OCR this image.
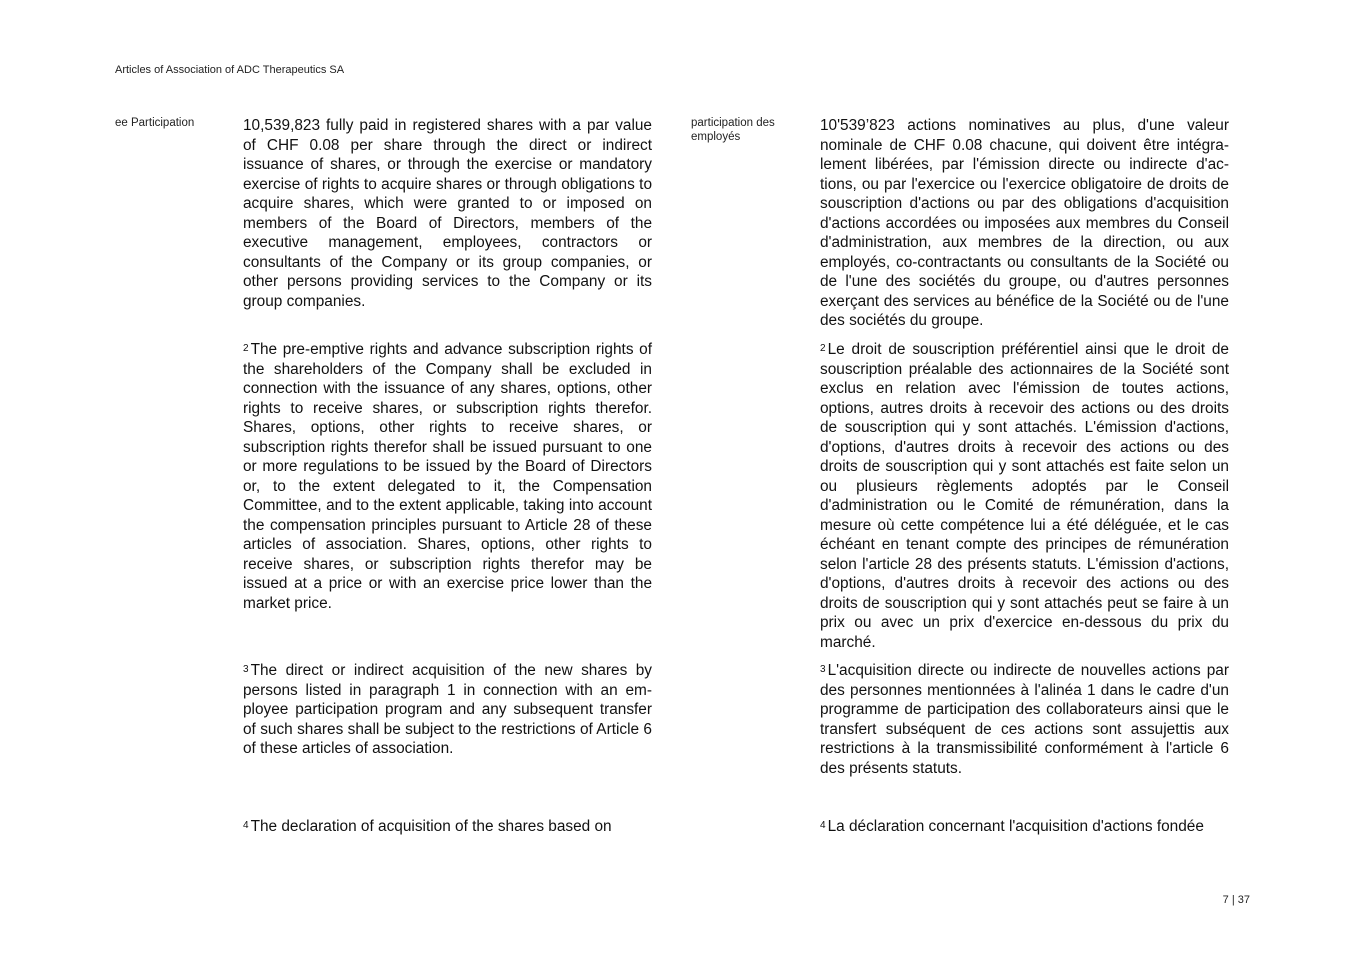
Articles of Association of ADC Therapeutics SA
ee Participation	participation des employés

10,539,823 fully paid in registered shares with a par value of CHF 0.08 per share through the direct or indirect issuance of shares, or through the exercise or mandatory exercise of rights to acquire shares or through obligations to acquire shares, which were granted to or imposed on members of the Board of Directors, members of the executive management, employees, contractors or consultants of the Company or its group companies, or other persons providing services to the Company or its group companies.

$^2$ The pre-emptive rights and advance subscription rights of the shareholders of the Company shall be excluded in connection with the issuance of any shares, options, other rights to receive shares, or subscription rights therefor. Shares, options, other rights to receive shares, or subscription rights therefor shall be issued pursuant to one or more regulations to be issued by the Board of Directors or, to the extent delegated to it, the Compensation Committee, and to the extent applicable, taking into account the compensation principles pursuant to Article 28 of these articles of association. Shares, options, other rights to receive shares, or subscription rights therefor may be issued at a price or with an exercise price lower than the market price.

$^3$ The direct or indirect acquisition of the new shares by persons listed in paragraph 1 in connection with an employee participation program and any subsequent transfer of such shares shall be subject to the restrictions of Article 6 of these articles of association.

$^4$ The declaration of acquisition of the shares based on

10'539’823 actions nominatives au plus, d'une valeur nominale de CHF 0.08 chacune, qui doivent être intégralement libérées, par l'émission directe ou indirecte d'actions, ou par l'exercice ou l'exercice obligatoire de droits de souscription d'actions ou par des obligations d'acquisition d'actions accordées ou imposées aux membres du Conseil d'administration, aux membres de la direction, ou aux employés, co-contractants ou consultants de la Société ou de l'une des sociétés du groupe, ou d'autres personnes exerçant des services au bénéfice de la Société ou de l'une des sociétés du groupe.

$^2$ Le droit de souscription préférentiel ainsi que le droit de souscription préalable des actionnaires de la Société sont exclus en relation avec l'émission de toutes actions, options, autres droits à recevoir des actions ou des droits de souscription qui y sont attachés. L'émission d'actions, d'options, d'autres droits à recevoir des actions ou des droits de souscription qui y sont attachés est faite selon un ou plusieurs règlements adoptés par le Conseil d'administration ou le Comité de rémunération, dans la mesure où cette compétence lui a été déléguée, et le cas échéant en tenant compte des principes de rémunération selon l'article 28 des présents statuts. L'émission d'actions, d'options, d'autres droits à recevoir des actions ou des droits de souscription qui y sont attachés peut se faire à un prix ou avec un prix d'exercice en-dessous du prix du marché.

$^3$ L'acquisition directe ou indirecte de nouvelles actions par des personnes mentionnées à l'alinéa 1 dans le cadre d'un programme de participation des collaborateurs ainsi que le transfert subséquent de ces actions sont assujettis aux restrictions à la transmissibilité conformément à l'article 6 des présents statuts.

$^4$ La déclaration concernant l'acquisition d'actions fondée

7 | 37
